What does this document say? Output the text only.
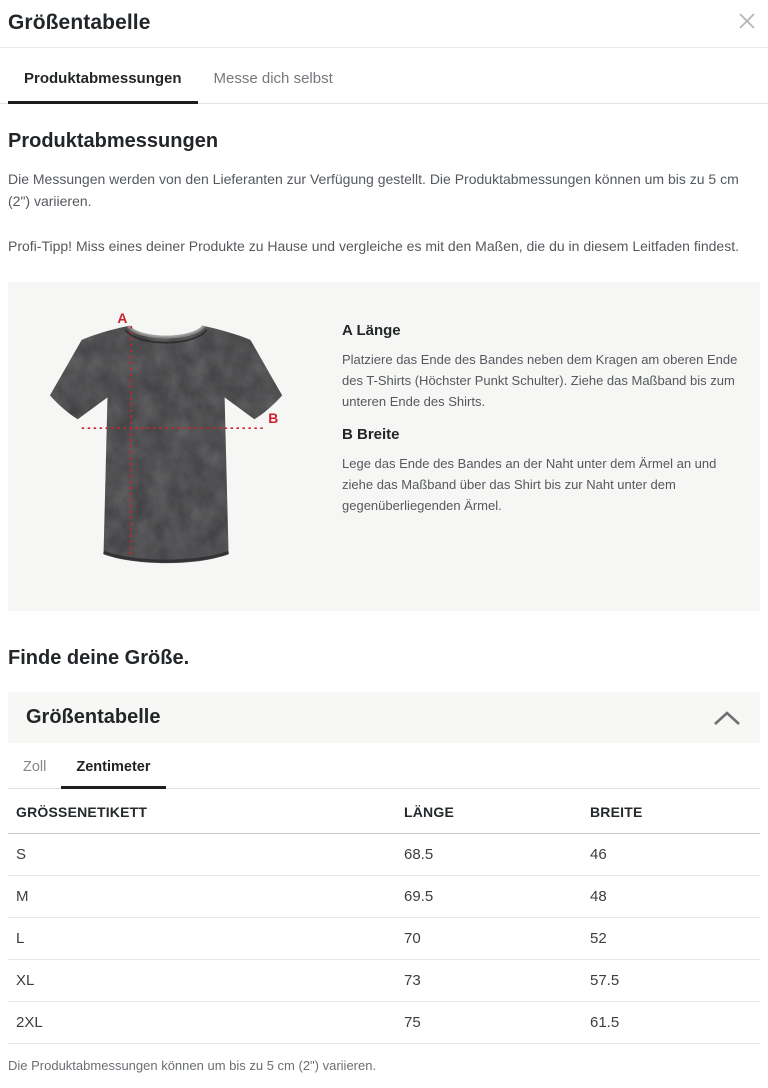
Größentabelle
Produktabmessungen	Messe dich selbst
Produktabmessungen

Die Messungen werden von den Lieferanten zur Verfügung gestellt. Die Produktabmessungen können um bis zu 5 cm (2") variieren.

Profi-Tipp! Miss eines deiner Produkte zu Hause und vergleiche es mit den Maßen, die du in diesem Leitfaden findest.

A
B
A Länge

Platziere das Ende des Bandes neben dem Kragen am oberen Ende des T-Shirts (Höchster Punkt Schulter). Ziehe das Maßband bis zum unteren Ende des Shirts.

B Breite

Lege das Ende des Bandes an der Naht unter dem Ärmel an und ziehe das Maßband über das Shirt bis zur Naht unter dem gegenüberliegenden Ärmel.

Finde deine Größe.
Größentabelle
Zoll	Zentimeter
GRÖSSENETIKETT	LÄNGE	BREITE
S	68.5	46
M	69.5	48
L	70	52
XL	73	57.5
2XL	75	61.5

Die Produktabmessungen können um bis zu 5 cm (2") variieren.
